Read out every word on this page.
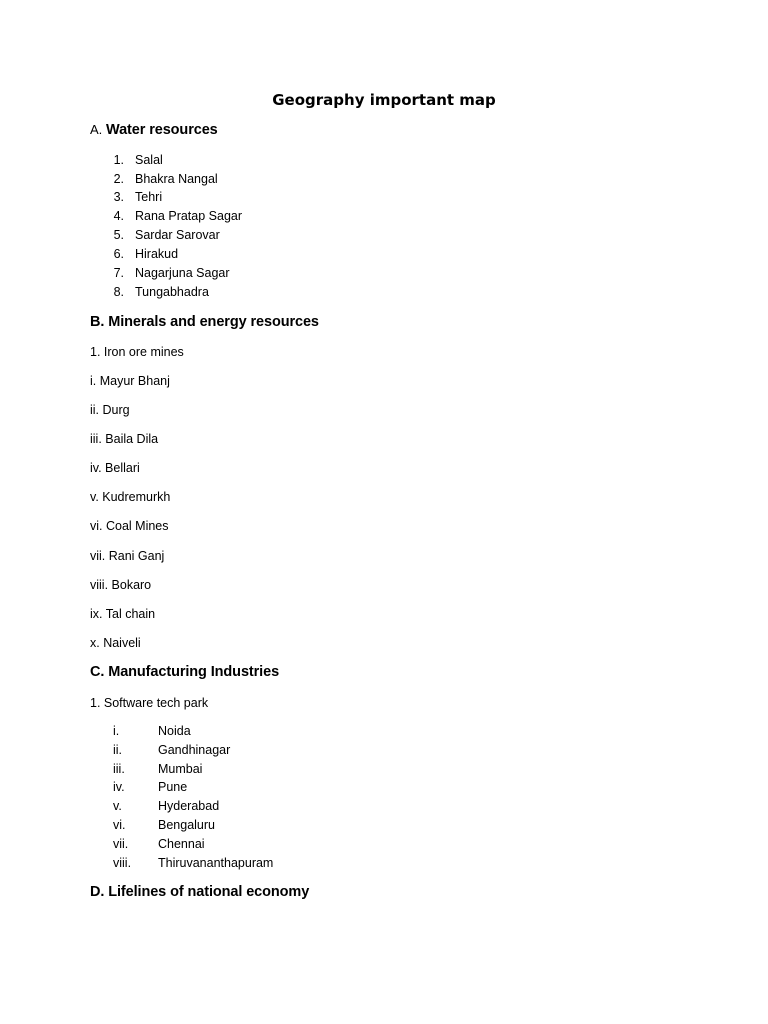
Geography important map
A. Water resources
1. Salal
2. Bhakra Nangal
3. Tehri
4. Rana Pratap Sagar
5. Sardar Sarovar
6. Hirakud
7. Nagarjuna Sagar
8. Tungabhadra
B. Minerals and energy resources
1. Iron ore mines
i. Mayur Bhanj
ii. Durg
iii. Baila Dila
iv. Bellari
v. Kudremurkh
vi. Coal Mines
vii. Rani Ganj
viii. Bokaro
ix. Tal chain
x. Naiveli
C. Manufacturing Industries
1. Software tech park
i.	Noida
ii.	Gandhinagar
iii.	Mumbai
iv.	Pune
v.	Hyderabad
vi.	Bengaluru
vii. Chennai
viii. Thiruvananthapuram
D. Lifelines of national economy
